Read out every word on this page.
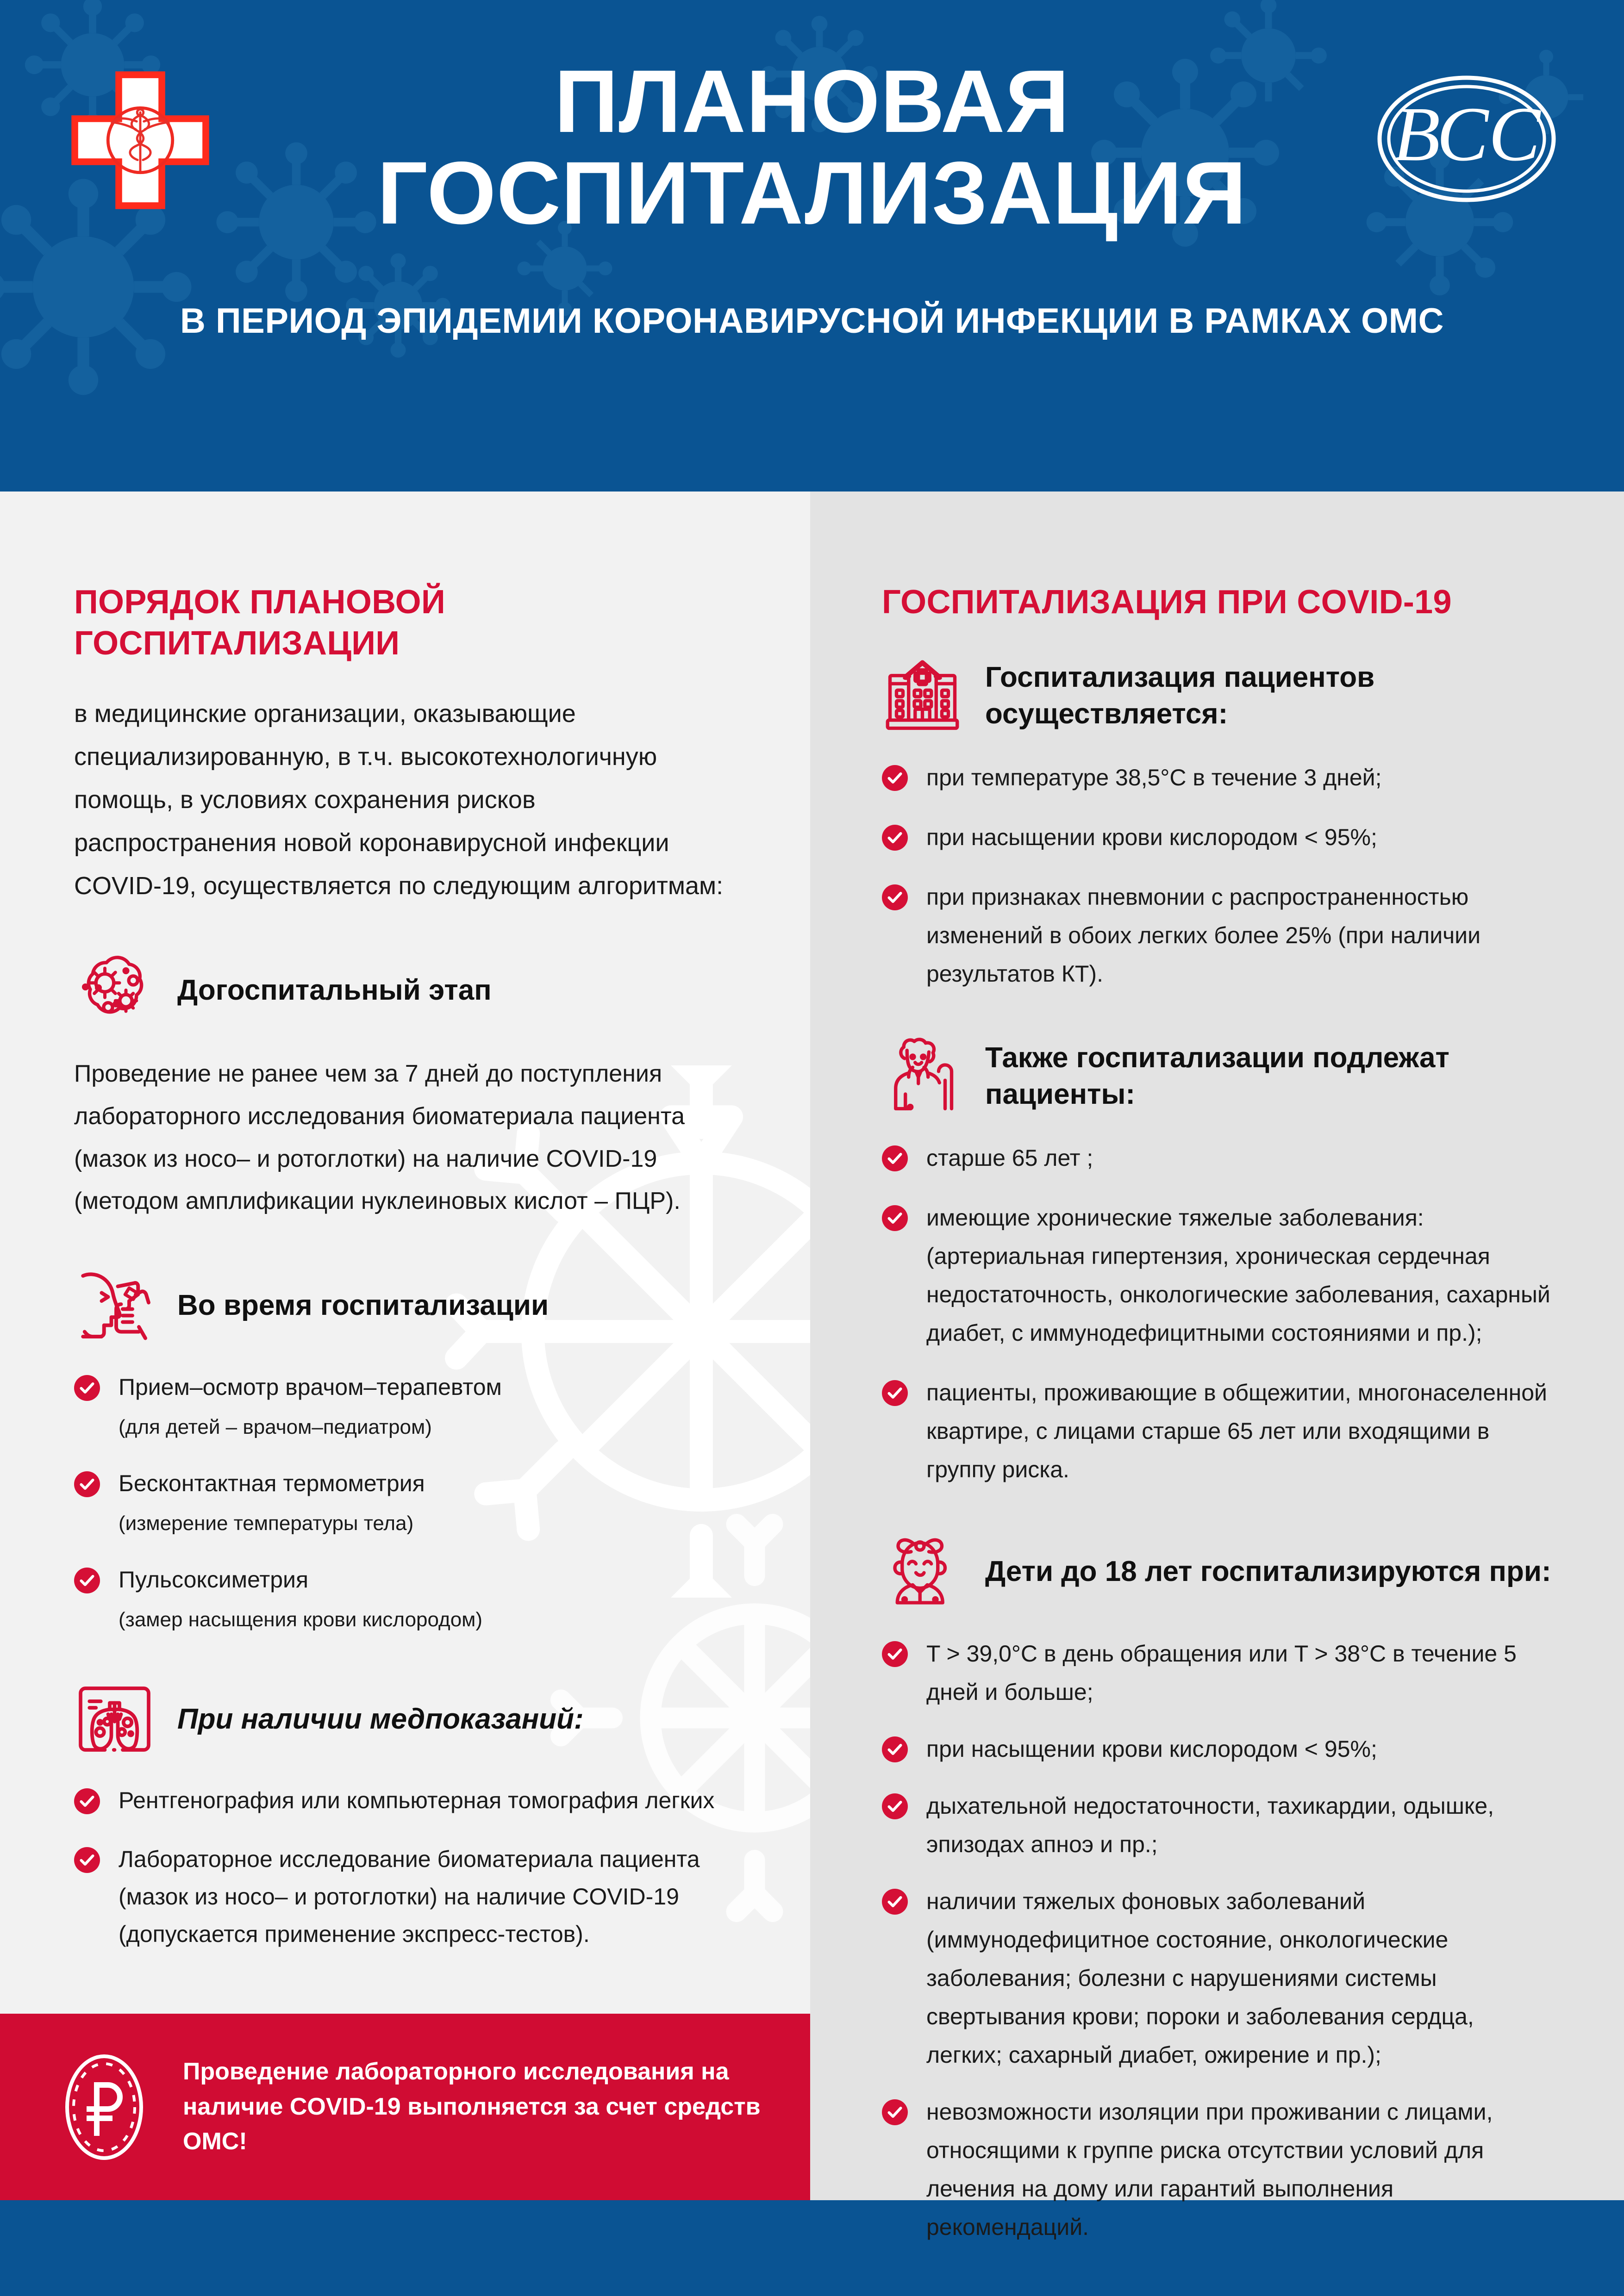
ПЛАНОВАЯ
ГОСПИТАЛИЗАЦИЯ
В ПЕРИОД ЭПИДЕМИИ КОРОНАВИРУСНОЙ ИНФЕКЦИИ В РАМКАХ ОМС
ВСС
ПОРЯДОК ПЛАНОВОЙ ГОСПИТАЛИЗАЦИИ
в медицинские организации, оказывающие специализированную, в т.ч. высокотехнологичную помощь, в условиях сохранения рисков распространения новой коронавирусной инфекции COVID-19, осуществляется по следующим алгоритмам:
Догоспитальный этап
Проведение не ранее чем за 7 дней до поступления лабораторного исследования биоматериала пациента (мазок из носо– и ротоглотки) на наличие COVID-19 (методом амплификации нуклеиновых кислот – ПЦР).
Во время госпитализации
Прием–осмотр врачом–терапевтом
(для детей – врачом–педиатром)
Бесконтактная термометрия
(измерение температуры тела)
Пульсоксиметрия
(замер насыщения крови кислородом)
При наличии медпоказаний:
Рентгенография или компьютерная томография легких
Лабораторное исследование биоматериала пациента (мазок из носо– и ротоглотки) на наличие COVID-19 (допускается применение экспресс-тестов).
ГОСПИТАЛИЗАЦИЯ ПРИ COVID-19
Госпитализация пациентов осуществляется:
при температуре 38,5°C в течение 3 дней;
при насыщении крови кислородом < 95%;
при признаках пневмонии с распространенностью изменений в обоих легких более 25% (при наличии результатов КТ).
Также госпитализации подлежат пациенты:
старше 65 лет ;
имеющие хронические тяжелые заболевания: (артериальная гипертензия, хроническая сердечная недостаточность, онкологические заболевания, сахарный диабет, с иммунодефицитными состояниями и пр.);
пациенты, проживающие в общежитии, многонаселенной квартире, с лицами старше 65 лет или входящими в группу риска.
Дети до 18 лет госпитализируются при:
T > 39,0°C в день обращения или T > 38°C в течение 5 дней и больше;
при насыщении крови кислородом < 95%;
дыхательной недостаточности, тахикардии, одышке, эпизодах апноэ и пр.;
наличии тяжелых фоновых заболеваний (иммунодефицитное состояние, онкологические заболевания; болезни с нарушениями системы свертывания крови; пороки и заболевания сердца, легких; сахарный диабет, ожирение и пр.);
невозможности изоляции при проживании с лицами, относящими к группе риска отсутствии условий для лечения на дому или гарантий выполнения рекомендаций.
Проведение лабораторного исследования на наличие COVID-19 выполняется за счет средств ОМС!
